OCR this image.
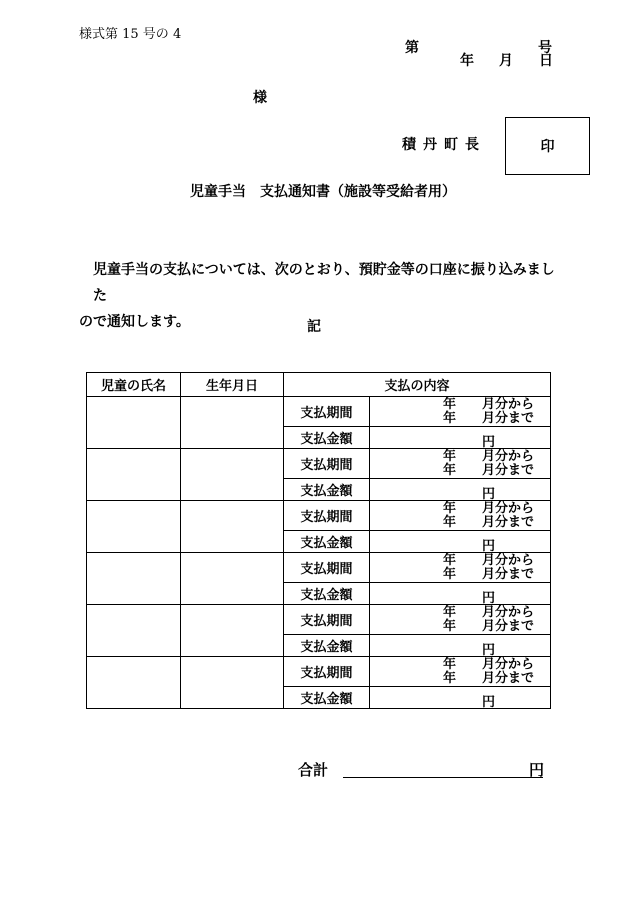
様式第 15 号の 4
第	号
年 月 日
様
積丹町長	印
児童手当　支払通知書（施設等受給者用）
児童手当の支払については、次のとおり、預貯金等の口座に振り込みまし た
ので通知します。	記
児童の氏名	生年月日	支払の内容	
		支払期間	年 月分から
年 月分まで

		支払金額	円

		支払期間	年 月分から
年 月分まで

		支払金額	円

		支払期間	年 月分から
年 月分まで

		支払金額	円

		支払期間	年 月分から
年 月分まで

		支払金額	円

		支払期間	年 月分から
年 月分まで

		支払金額	円

		支払期間	年 月分から
年 月分まで

		支払金額	円
合計	円
